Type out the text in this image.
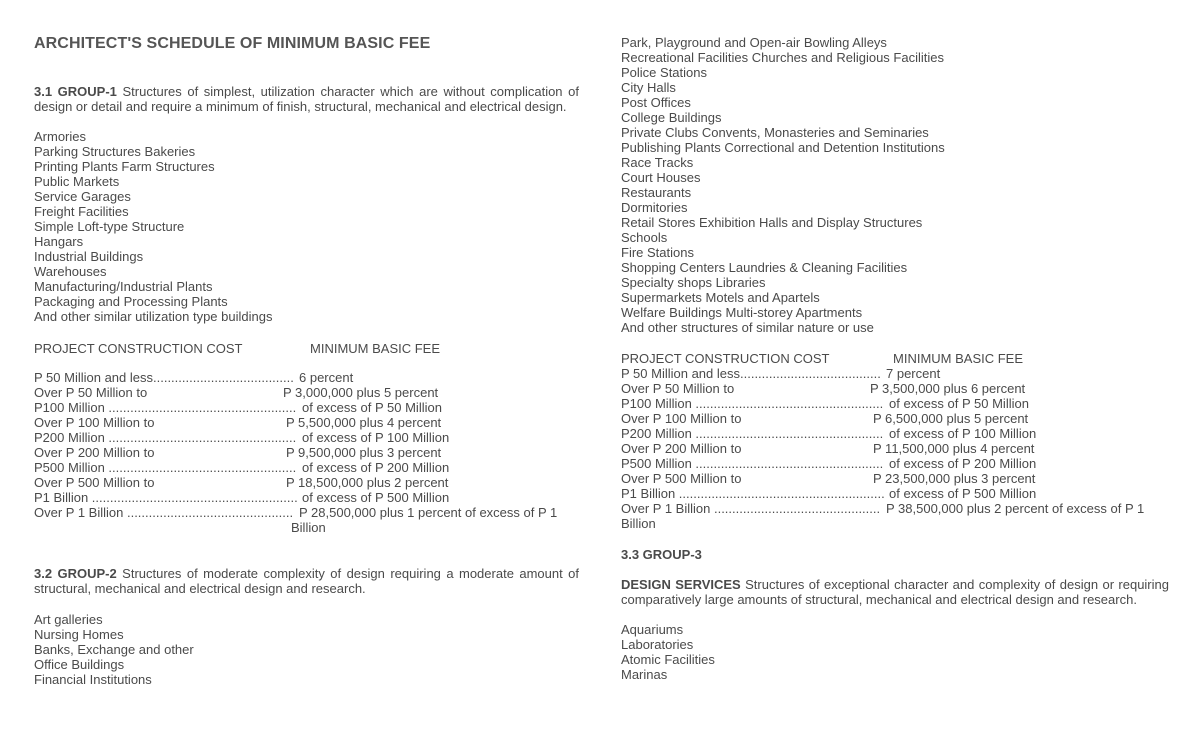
ARCHITECT'S SCHEDULE OF MINIMUM BASIC FEE
3.1 GROUP-1 Structures of simplest, utilization character which are without complication of design or detail and require a minimum of finish, structural, mechanical and electrical design.
Armories
Parking Structures Bakeries
Printing Plants Farm Structures
Public Markets
Service Garages
Freight Facilities
Simple Loft-type Structure
Hangars
Industrial Buildings
Warehouses
Manufacturing/Industrial Plants
Packaging and Processing Plants
And other similar utilization type buildings
PROJECT CONSTRUCTION COST	MINIMUM BASIC FEE
P 50 Million and less....................................... 6 percent
Over P 50 Million to	P 3,000,000 plus 5 percent
P100 Million .................................................... of excess of P 50 Million
Over P 100 Million to	P 5,500,000 plus 4 percent
P200 Million .................................................... of excess of P 100 Million
Over P 200 Million to	P 9,500,000 plus 3 percent
P500 Million .................................................... of excess of P 200 Million
Over P 500 Million to	P 18,500,000 plus 2 percent
P1 Billion ......................................................... of excess of P 500 Million
Over P 1 Billion .............................................. P 28,500,000 plus 1 percent of excess of P 1
Billion
3.2 GROUP-2 Structures of moderate complexity of design requiring a moderate amount of structural, mechanical and electrical design and research.
Art galleries
Nursing Homes
Banks, Exchange and other
Office Buildings
Financial Institutions
Park, Playground and Open-air Bowling Alleys
Recreational Facilities Churches and Religious Facilities
Police Stations
City Halls
Post Offices
College Buildings
Private Clubs Convents, Monasteries and Seminaries
Publishing Plants Correctional and Detention Institutions
Race Tracks
Court Houses
Restaurants
Dormitories
Retail Stores Exhibition Halls and Display Structures
Schools
Fire Stations
Shopping Centers Laundries & Cleaning Facilities
Specialty shops Libraries
Supermarkets Motels and Apartels
Welfare Buildings Multi-storey Apartments
And other structures of similar nature or use
PROJECT CONSTRUCTION COST	MINIMUM BASIC FEE
P 50 Million and less....................................... 7 percent
Over P 50 Million to	P 3,500,000 plus 6 percent
P100 Million .................................................... of excess of P 50 Million
Over P 100 Million to	P 6,500,000 plus 5 percent
P200 Million .................................................... of excess of P 100 Million
Over P 200 Million to	P 11,500,000 plus 4 percent
P500 Million .................................................... of excess of P 200 Million
Over P 500 Million to	P 23,500,000 plus 3 percent
P1 Billion ......................................................... of excess of P 500 Million
Over P 1 Billion .............................................. P 38,500,000 plus 2 percent of excess of P 1
Billion
3.3 GROUP-3
DESIGN SERVICES Structures of exceptional character and complexity of design or requiring comparatively large amounts of structural, mechanical and electrical design and research.
Aquariums
Laboratories
Atomic Facilities
Marinas
